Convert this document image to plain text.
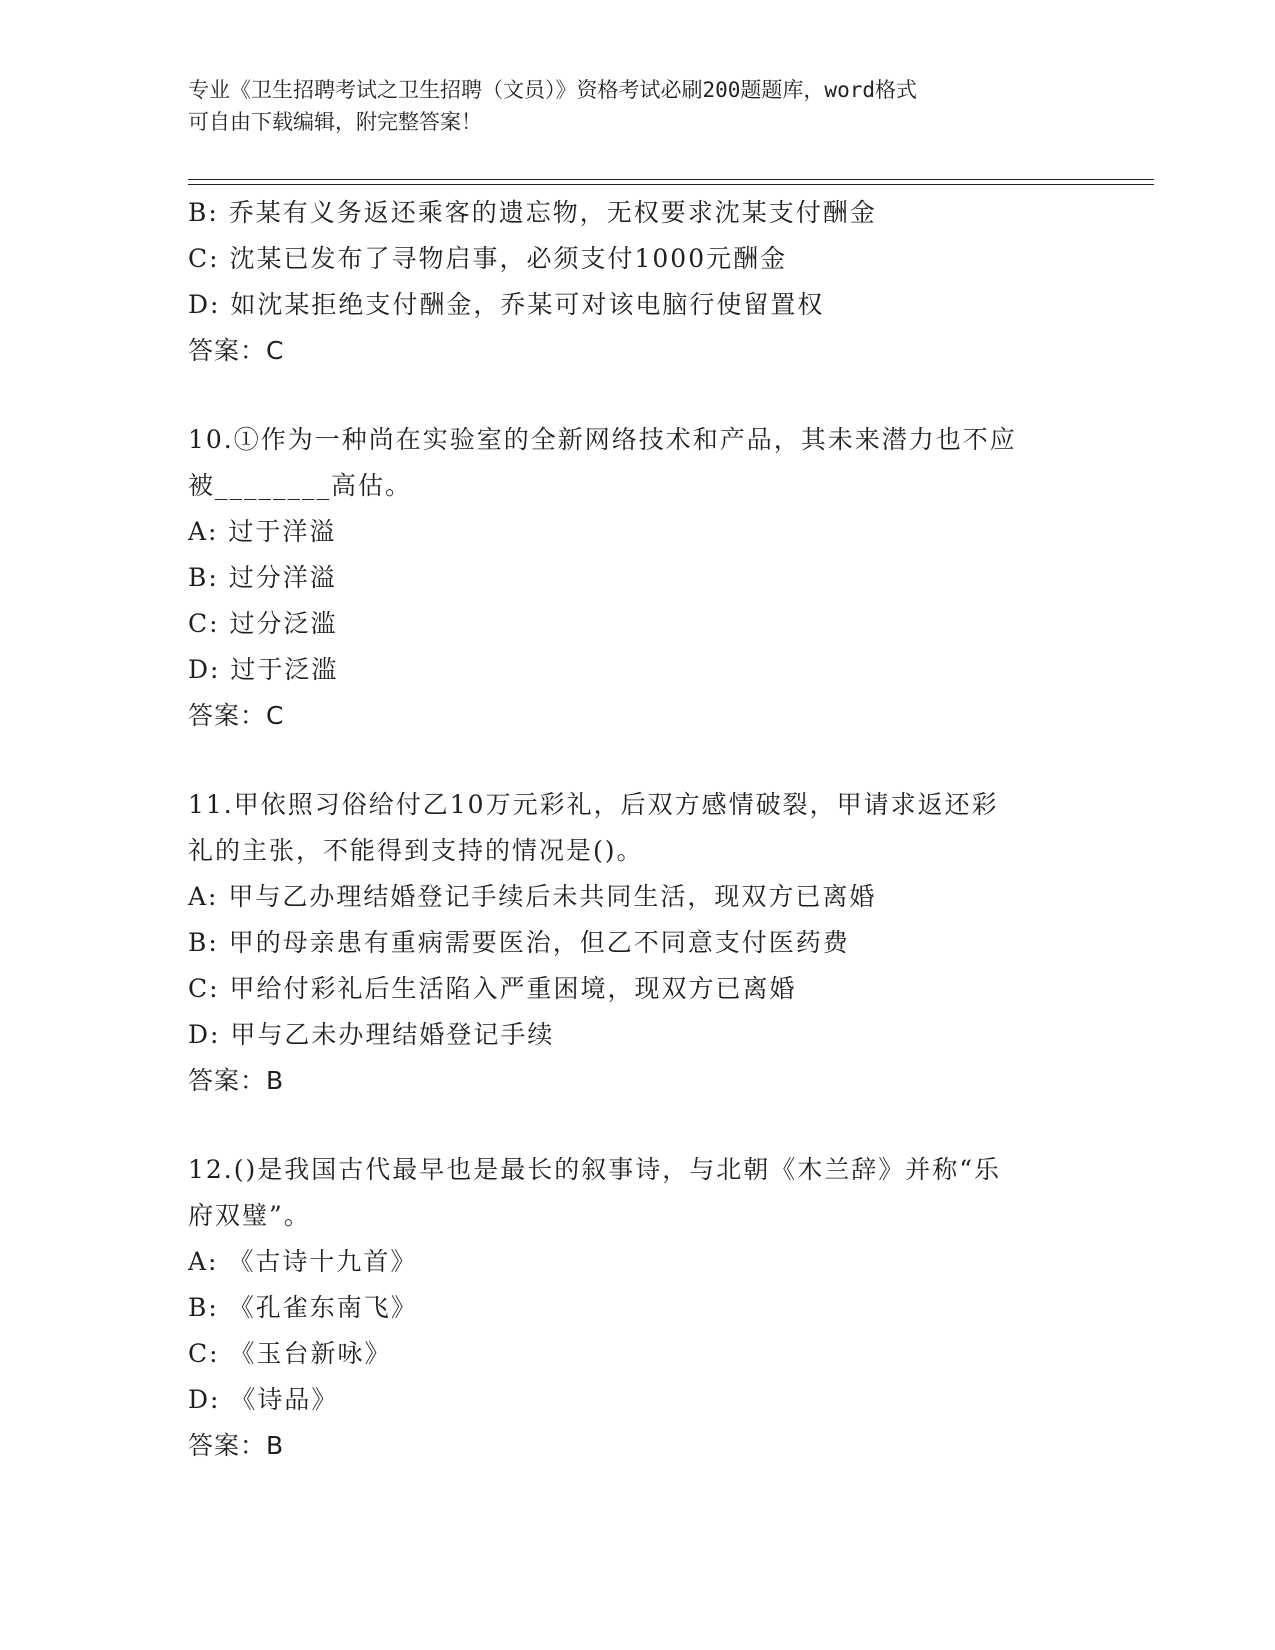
专业《卫生招聘考试之卫生招聘（文员）》资格考试必刷200题题库，word格式
可自由下载编辑，附完整答案！
B: 乔某有义务返还乘客的遗忘物，无权要求沈某支付酬金
C: 沈某已发布了寻物启事，必须支付1000元酬金
D: 如沈某拒绝支付酬金，乔某可对该电脑行使留置权
答案：C
10.①作为一种尚在实验室的全新网络技术和产品，其未来潜力也不应
被________高估。
A: 过于洋溢
B: 过分洋溢
C: 过分泛滥
D: 过于泛滥
答案：C
11.甲依照习俗给付乙10万元彩礼，后双方感情破裂，甲请求返还彩
礼的主张，不能得到支持的情况是()。
A: 甲与乙办理结婚登记手续后未共同生活，现双方已离婚
B: 甲的母亲患有重病需要医治，但乙不同意支付医药费
C: 甲给付彩礼后生活陷入严重困境，现双方已离婚
D: 甲与乙未办理结婚登记手续
答案：B
12.()是我国古代最早也是最长的叙事诗，与北朝《木兰辞》并称“乐
府双璧”。
A: 《古诗十九首》
B: 《孔雀东南飞》
C: 《玉台新咏》
D: 《诗品》
答案：B
